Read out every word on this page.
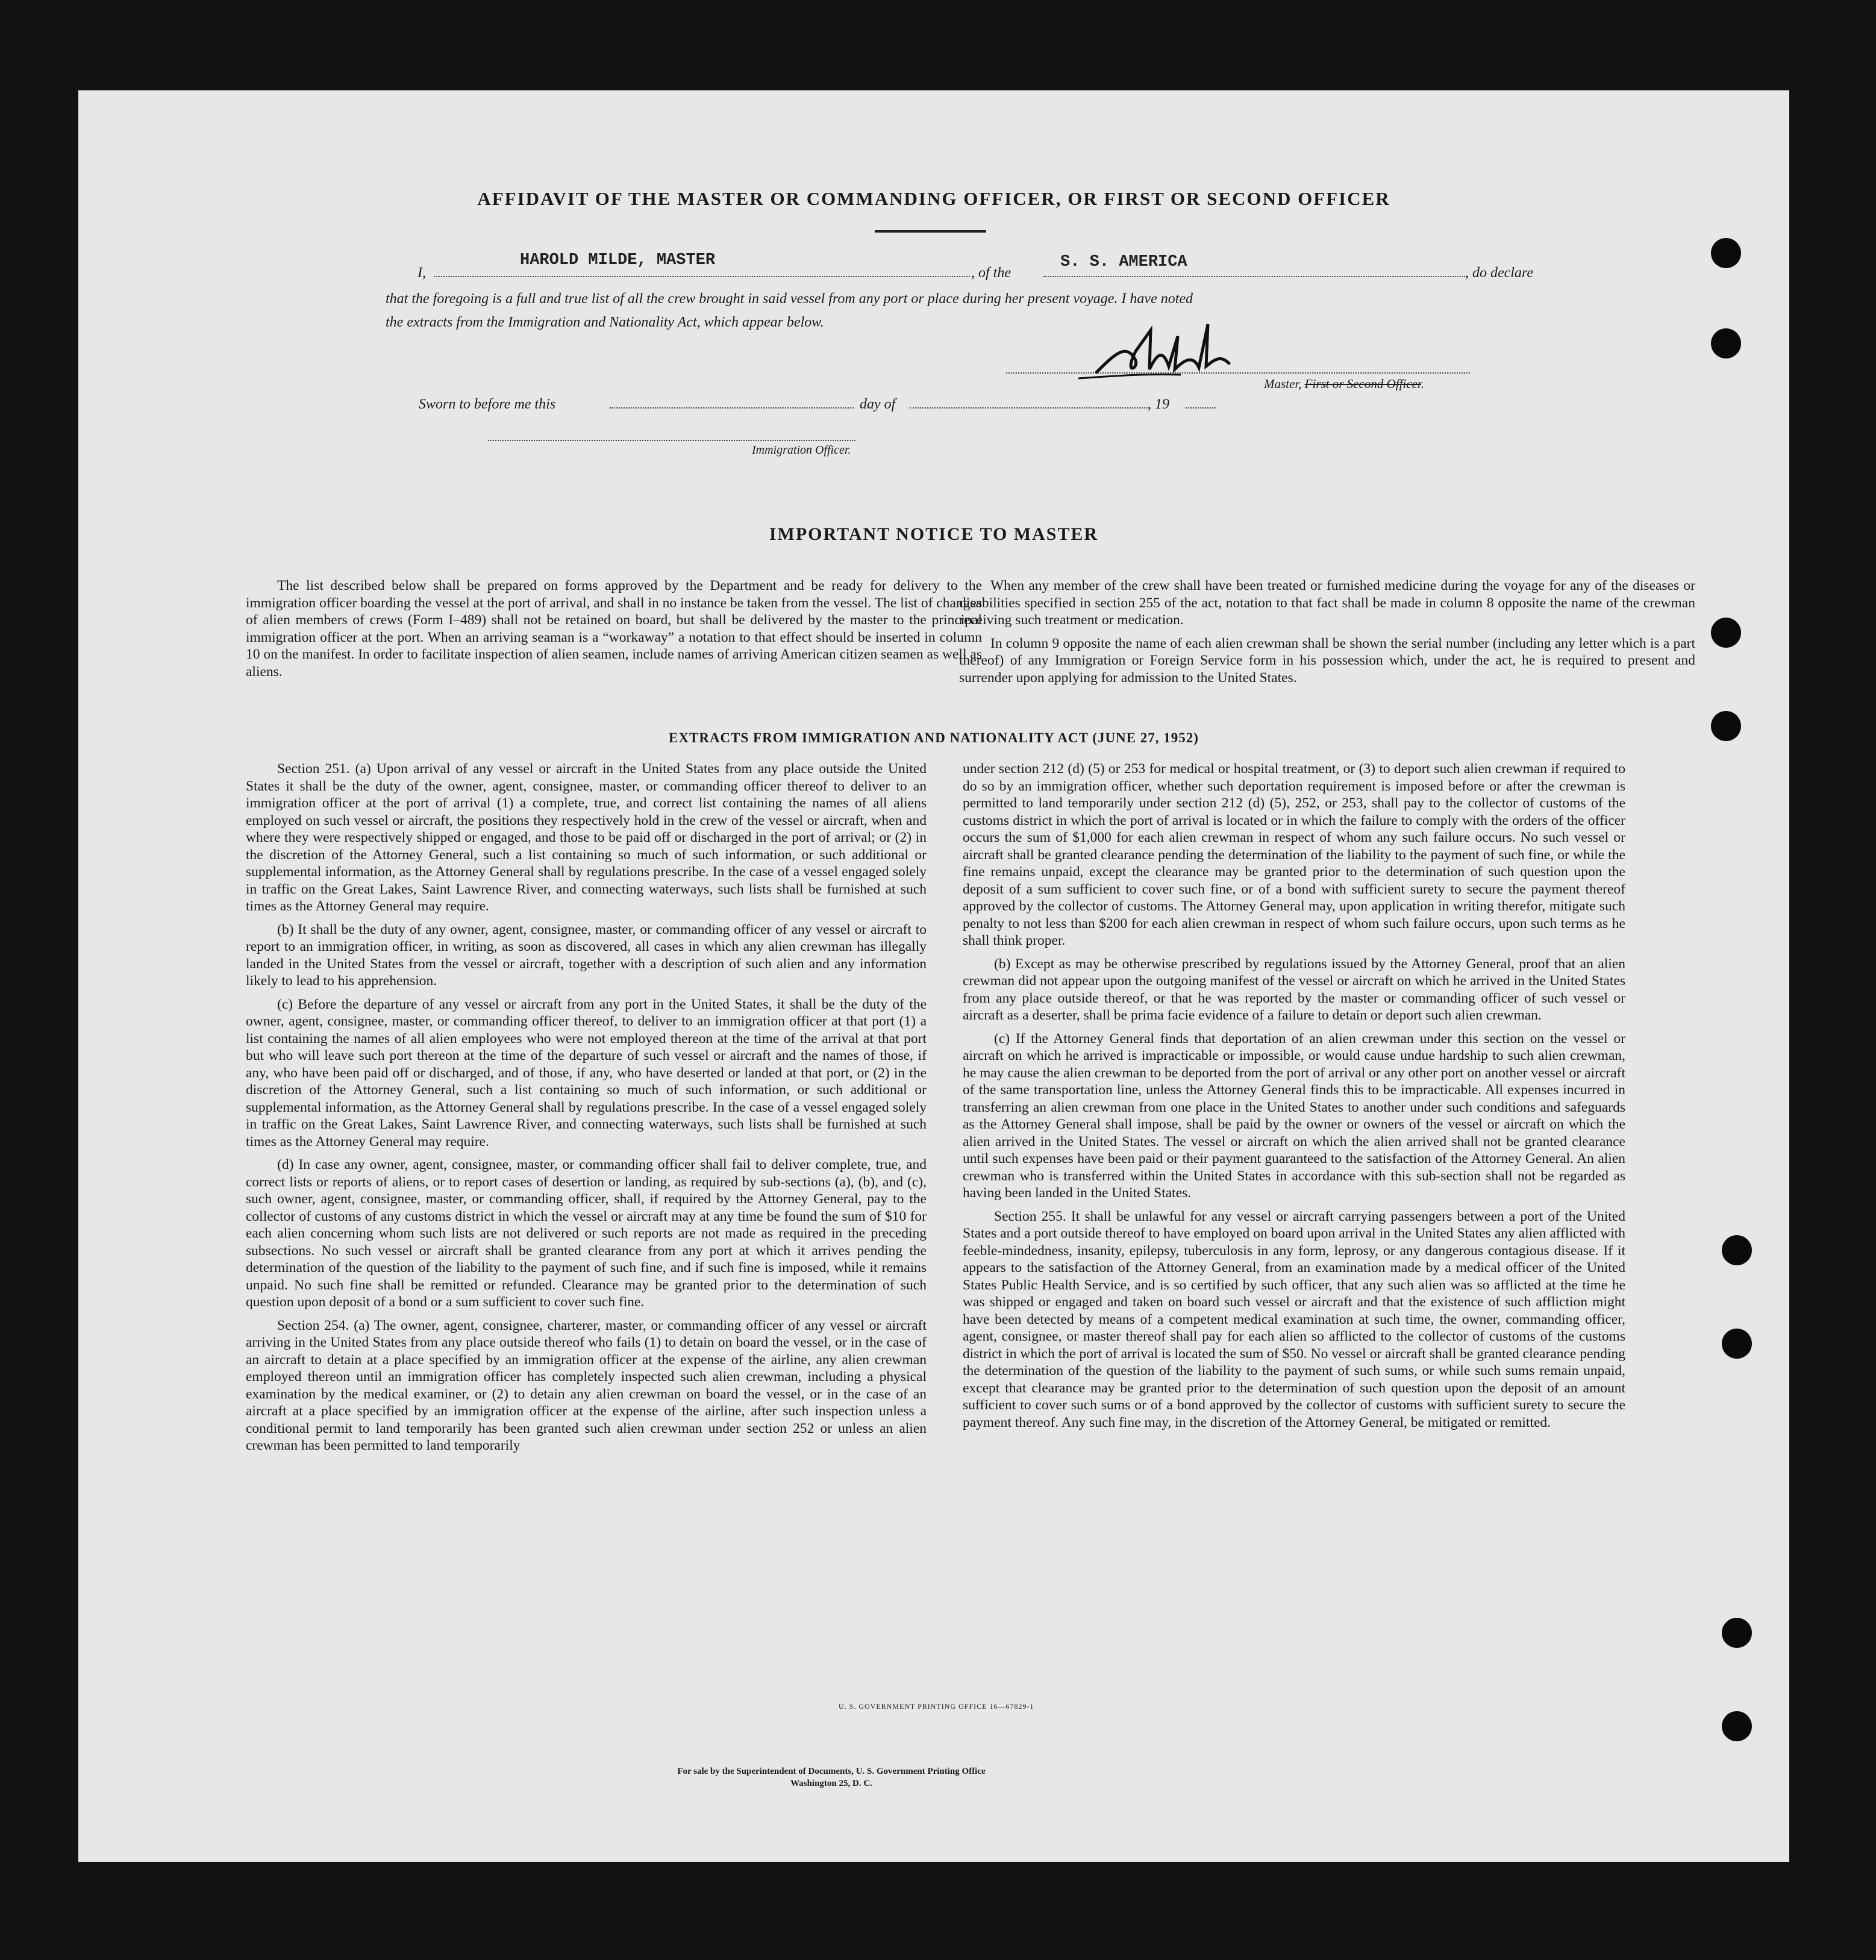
AFFIDAVIT OF THE MASTER OR COMMANDING OFFICER, OR FIRST OR SECOND OFFICER
I,
HAROLD MILDE, MASTER
, of the
S. S. AMERICA
, do declare
that the foregoing is a full and true list of all the crew brought in said vessel from any port or place during her present voyage. I have noted
the extracts from the Immigration and Nationality Act, which appear below.
Master, First or Second Officer.
Sworn to before me this	day of	, 19
Immigration Officer.
IMPORTANT NOTICE TO MASTER

The list described below shall be prepared on forms approved by the Department and be ready for delivery to the immigration officer boarding the vessel at the port of arrival, and shall in no instance be taken from the vessel. The list of changes of alien members of crews (Form I–489) shall not be retained on board, but shall be delivered by the master to the principal immigration officer at the port. When an arriving seaman is a “workaway” a notation to that effect should be inserted in column 10 on the manifest. In order to facilitate inspection of alien seamen, include names of arriving American citizen seamen as well as aliens.

When any member of the crew shall have been treated or furnished medicine during the voyage for any of the diseases or disabilities specified in section 255 of the act, notation to that fact shall be made in column 8 opposite the name of the crewman receiving such treatment or medication.

In column 9 opposite the name of each alien crewman shall be shown the serial number (including any letter which is a part thereof) of any Immigration or Foreign Service form in his possession which, under the act, he is required to present and surrender upon applying for admission to the United States.

EXTRACTS FROM IMMIGRATION AND NATIONALITY ACT (JUNE 27, 1952)

Section 251. (a) Upon arrival of any vessel or aircraft in the United States from any place outside the United States it shall be the duty of the owner, agent, consignee, master, or commanding officer thereof to deliver to an immigration officer at the port of arrival (1) a complete, true, and correct list containing the names of all aliens employed on such vessel or aircraft, the positions they respectively hold in the crew of the vessel or aircraft, when and where they were respectively shipped or engaged, and those to be paid off or discharged in the port of arrival; or (2) in the discretion of the Attorney General, such a list containing so much of such information, or such additional or supplemental information, as the Attorney General shall by regulations prescribe. In the case of a vessel engaged solely in traffic on the Great Lakes, Saint Lawrence River, and connecting waterways, such lists shall be furnished at such times as the Attorney General may require.

(b) It shall be the duty of any owner, agent, consignee, master, or commanding officer of any vessel or aircraft to report to an immigration officer, in writing, as soon as discovered, all cases in which any alien crewman has illegally landed in the United States from the vessel or aircraft, together with a description of such alien and any information likely to lead to his apprehension.

(c) Before the departure of any vessel or aircraft from any port in the United States, it shall be the duty of the owner, agent, consignee, master, or commanding officer thereof, to deliver to an immigration officer at that port (1) a list containing the names of all alien employees who were not employed thereon at the time of the arrival at that port but who will leave such port thereon at the time of the departure of such vessel or aircraft and the names of those, if any, who have been paid off or discharged, and of those, if any, who have deserted or landed at that port, or (2) in the discretion of the Attorney General, such a list containing so much of such information, or such additional or supplemental information, as the Attorney General shall by regulations prescribe. In the case of a vessel engaged solely in traffic on the Great Lakes, Saint Lawrence River, and connecting waterways, such lists shall be furnished at such times as the Attorney General may require.

(d) In case any owner, agent, consignee, master, or commanding officer shall fail to deliver complete, true, and correct lists or reports of aliens, or to report cases of desertion or landing, as required by sub-sections (a), (b), and (c), such owner, agent, consignee, master, or commanding officer, shall, if required by the Attorney General, pay to the collector of customs of any customs district in which the vessel or aircraft may at any time be found the sum of $10 for each alien concerning whom such lists are not delivered or such reports are not made as required in the preceding subsections. No such vessel or aircraft shall be granted clearance from any port at which it arrives pending the determination of the question of the liability to the payment of such fine, and if such fine is imposed, while it remains unpaid. No such fine shall be remitted or refunded. Clearance may be granted prior to the determination of such question upon deposit of a bond or a sum sufficient to cover such fine.

Section 254. (a) The owner, agent, consignee, charterer, master, or commanding officer of any vessel or aircraft arriving in the United States from any place outside thereof who fails (1) to detain on board the vessel, or in the case of an aircraft to detain at a place specified by an immigration officer at the expense of the airline, any alien crewman employed thereon until an immigration officer has completely inspected such alien crewman, including a physical examination by the medical examiner, or (2) to detain any alien crewman on board the vessel, or in the case of an aircraft at a place specified by an immigration officer at the expense of the airline, after such inspection unless a conditional permit to land temporarily has been granted such alien crewman under section 252 or unless an alien crewman has been permitted to land temporarily

under section 212 (d) (5) or 253 for medical or hospital treatment, or (3) to deport such alien crewman if required to do so by an immigration officer, whether such deportation requirement is imposed before or after the crewman is permitted to land temporarily under section 212 (d) (5), 252, or 253, shall pay to the collector of customs of the customs district in which the port of arrival is located or in which the failure to comply with the orders of the officer occurs the sum of $1,000 for each alien crewman in respect of whom any such failure occurs. No such vessel or aircraft shall be granted clearance pending the determination of the liability to the payment of such fine, or while the fine remains unpaid, except the clearance may be granted prior to the determination of such question upon the deposit of a sum sufficient to cover such fine, or of a bond with sufficient surety to secure the payment thereof approved by the collector of customs. The Attorney General may, upon application in writing therefor, mitigate such penalty to not less than $200 for each alien crewman in respect of whom such failure occurs, upon such terms as he shall think proper.

(b) Except as may be otherwise prescribed by regulations issued by the Attorney General, proof that an alien crewman did not appear upon the outgoing manifest of the vessel or aircraft on which he arrived in the United States from any place outside thereof, or that he was reported by the master or commanding officer of such vessel or aircraft as a deserter, shall be prima facie evidence of a failure to detain or deport such alien crewman.

(c) If the Attorney General finds that deportation of an alien crewman under this section on the vessel or aircraft on which he arrived is impracticable or impossible, or would cause undue hardship to such alien crewman, he may cause the alien crewman to be deported from the port of arrival or any other port on another vessel or aircraft of the same transportation line, unless the Attorney General finds this to be impracticable. All expenses incurred in transferring an alien crewman from one place in the United States to another under such conditions and safeguards as the Attorney General shall impose, shall be paid by the owner or owners of the vessel or aircraft on which the alien arrived in the United States. The vessel or aircraft on which the alien arrived shall not be granted clearance until such expenses have been paid or their payment guaranteed to the satisfaction of the Attorney General. An alien crewman who is transferred within the United States in accordance with this sub-section shall not be regarded as having been landed in the United States.

Section 255. It shall be unlawful for any vessel or aircraft carrying passengers between a port of the United States and a port outside thereof to have employed on board upon arrival in the United States any alien afflicted with feeble-mindedness, insanity, epilepsy, tuberculosis in any form, leprosy, or any dangerous contagious disease. If it appears to the satisfaction of the Attorney General, from an examination made by a medical officer of the United States Public Health Service, and is so certified by such officer, that any such alien was so afflicted at the time he was shipped or engaged and taken on board such vessel or aircraft and that the existence of such affliction might have been detected by means of a competent medical examination at such time, the owner, commanding officer, agent, consignee, or master thereof shall pay for each alien so afflicted to the collector of customs of the customs district in which the port of arrival is located the sum of $50. No vessel or aircraft shall be granted clearance pending the determination of the question of the liability to the payment of such sums, or while such sums remain unpaid, except that clearance may be granted prior to the determination of such question upon the deposit of an amount sufficient to cover such sums or of a bond approved by the collector of customs with sufficient surety to secure the payment thereof. Any such fine may, in the discretion of the Attorney General, be mitigated or remitted.

U. S. GOVERNMENT PRINTING OFFICE 16—67829-1
For sale by the Superintendent of Documents, U. S. Government Printing Office
Washington 25, D. C.
